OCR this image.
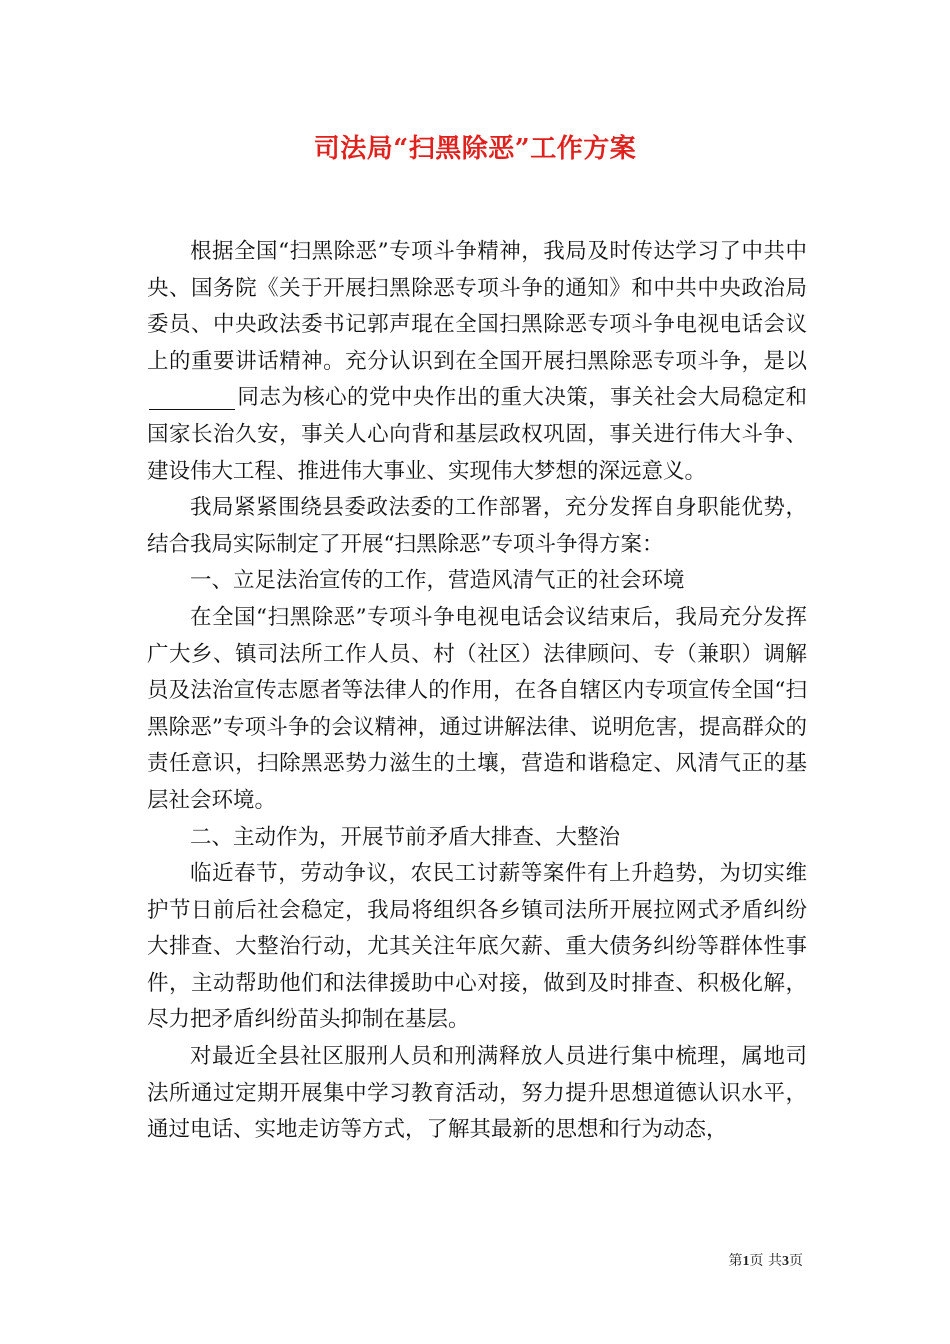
司法局“扫黑除恶”工作方案

根据全国“扫黑除恶”专项斗争精神，我局及时传达学习了中共中央、国务院《关于开展扫黑除恶专项斗争的通知》和中共中央政治局委员、中央政法委书记郭声琨在全国扫黑除恶专项斗争电视电话会议上的重要讲话精神。充分认识到在全国开展扫黑除恶专项斗争，是以同志为核心的党中央作出的重大决策，事关社会大局稳定和国家长治久安，事关人心向背和基层政权巩固，事关进行伟大斗争、建设伟大工程、推进伟大事业、实现伟大梦想的深远意义。

我局紧紧围绕县委政法委的工作部署，充分发挥自身职能优势，结合我局实际制定了开展“扫黑除恶”专项斗争得方案：

一、立足法治宣传的工作，营造风清气正的社会环境

在全国“扫黑除恶”专项斗争电视电话会议结束后，我局充分发挥广大乡、镇司法所工作人员、村（社区）法律顾问、专（兼职）调解员及法治宣传志愿者等法律人的作用，在各自辖区内专项宣传全国“扫黑除恶”专项斗争的会议精神，通过讲解法律、说明危害，提高群众的责任意识，扫除黑恶势力滋生的土壤，营造和谐稳定、风清气正的基层社会环境。

二、主动作为，开展节前矛盾大排查、大整治

临近春节，劳动争议，农民工讨薪等案件有上升趋势，为切实维护节日前后社会稳定，我局将组织各乡镇司法所开展拉网式矛盾纠纷大排查、大整治行动，尤其关注年底欠薪、重大债务纠纷等群体性事件，主动帮助他们和法律援助中心对接，做到及时排查、积极化解，尽力把矛盾纠纷苗头抑制在基层。

对最近全县社区服刑人员和刑满释放人员进行集中梳理，属地司法所通过定期开展集中学习教育活动，努力提升思想道德认识水平，通过电话、实地走访等方式，了解其最新的思想和行为动态，

第1页 共3页
